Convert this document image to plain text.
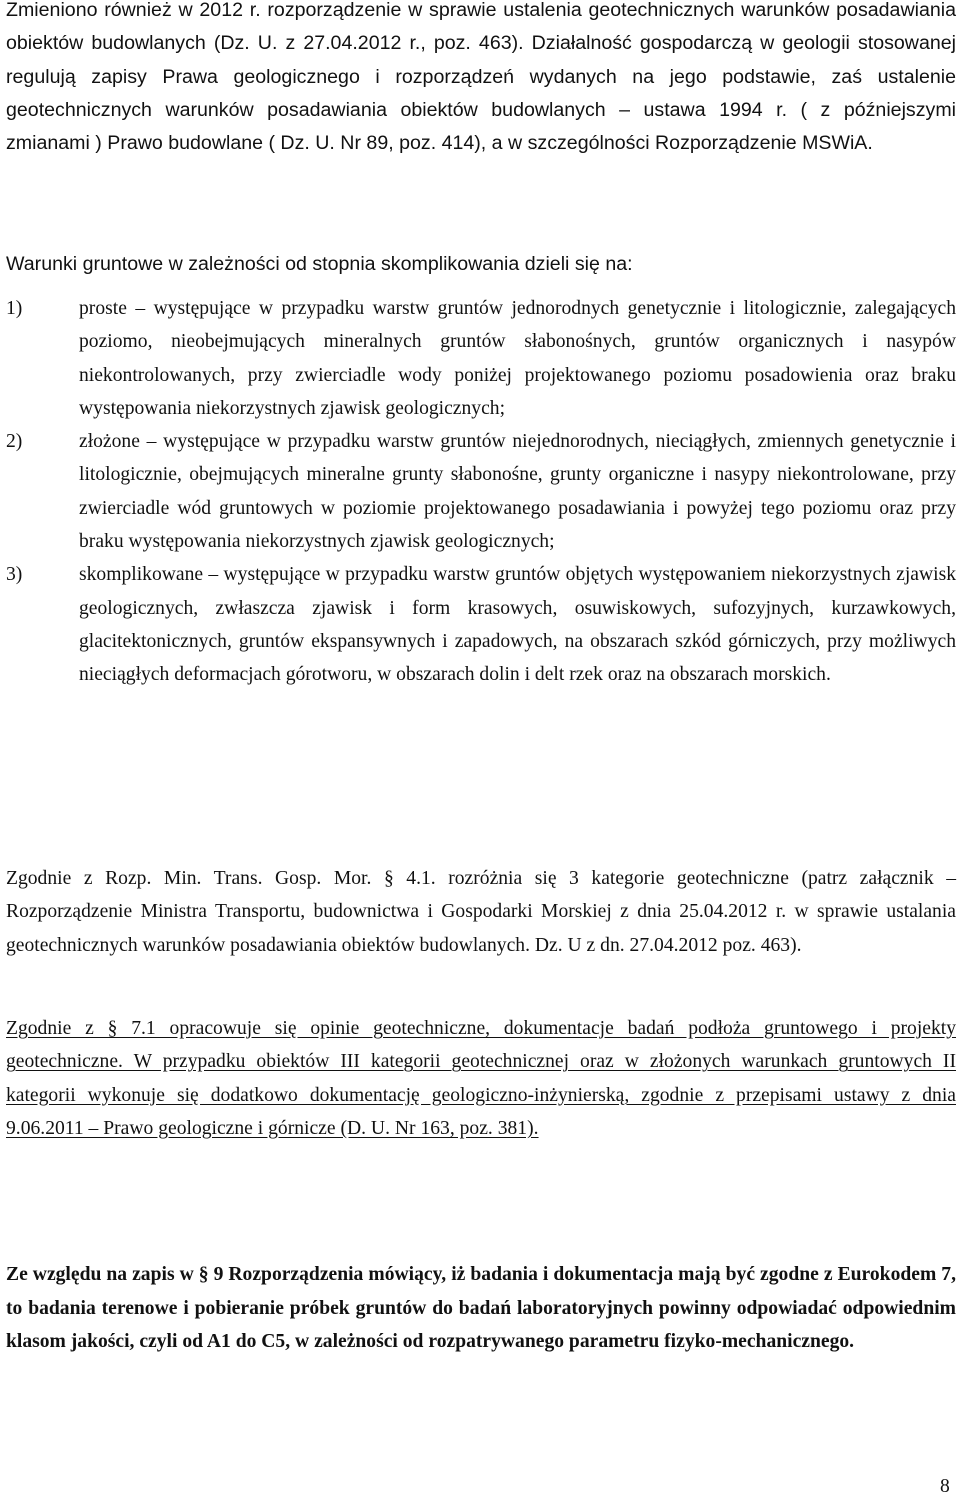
Zmieniono również w 2012 r. rozporządzenie w sprawie ustalenia geotechnicznych warunków posadawiania obiektów budowlanych (Dz. U. z 27.04.2012 r., poz. 463). Działalność gospodarczą w geologii stosowanej regulują zapisy Prawa geologicznego i rozporządzeń wydanych na jego podstawie, zaś ustalenie geotechnicznych warunków posadawiania obiektów budowlanych – ustawa 1994 r. ( z późniejszymi zmianami ) Prawo budowlane ( Dz. U. Nr 89, poz. 414), a w szczególności Rozporządzenie MSWiA.

Warunki gruntowe w zależności od stopnia skomplikowania dzieli się na:

1)	proste – występujące w przypadku warstw gruntów jednorodnych genetycznie i litologicznie, zalegających poziomo, nieobejmujących mineralnych gruntów słabonośnych, gruntów organicznych i nasypów niekontrolowanych, przy zwierciadle wody poniżej projektowanego poziomu posadowienia oraz braku występowania niekorzystnych zjawisk geologicznych;
2)	złożone – występujące w przypadku warstw gruntów niejednorodnych, nieciągłych, zmiennych genetycznie i litologicznie, obejmujących mineralne grunty słabonośne, grunty organiczne i nasypy niekontrolowane, przy zwierciadle wód gruntowych w poziomie projektowanego posadawiania i powyżej tego poziomu oraz przy braku występowania niekorzystnych zjawisk geologicznych;
3)	skomplikowane – występujące w przypadku warstw gruntów objętych występowaniem niekorzystnych zjawisk geologicznych, zwłaszcza zjawisk i form krasowych, osuwiskowych, sufozyjnych, kurzawkowych, glacitektonicznych, gruntów ekspansywnych i zapadowych, na obszarach szkód górniczych, przy możliwych nieciągłych deformacjach górotworu, w obszarach dolin i delt rzek oraz na obszarach morskich.

Zgodnie z Rozp. Min. Trans. Gosp. Mor. § 4.1. rozróżnia się 3 kategorie geotechniczne (patrz załącznik – Rozporządzenie Ministra Transportu, budownictwa i Gospodarki Morskiej z dnia 25.04.2012 r. w sprawie ustalania geotechnicznych warunków posadawiania obiektów budowlanych. Dz. U z dn. 27.04.2012 poz. 463).

Zgodnie z § 7.1 opracowuje się opinie geotechniczne, dokumentacje badań podłoża gruntowego i projekty geotechniczne. W przypadku obiektów III kategorii geotechnicznej oraz w złożonych warunkach gruntowych II kategorii wykonuje się dodatkowo dokumentację geologiczno-inżynierską, zgodnie z przepisami ustawy z dnia 9.06.2011 – Prawo geologiczne i górnicze (D. U. Nr 163, poz. 381).

Ze względu na zapis w § 9 Rozporządzenia mówiący, iż badania i dokumentacja mają być zgodne z Eurokodem 7, to badania terenowe i pobieranie próbek gruntów do badań laboratoryjnych powinny odpowiadać odpowiednim klasom jakości, czyli od A1 do C5, w zależności od rozpatrywanego parametru fizyko-mechanicznego.

8
